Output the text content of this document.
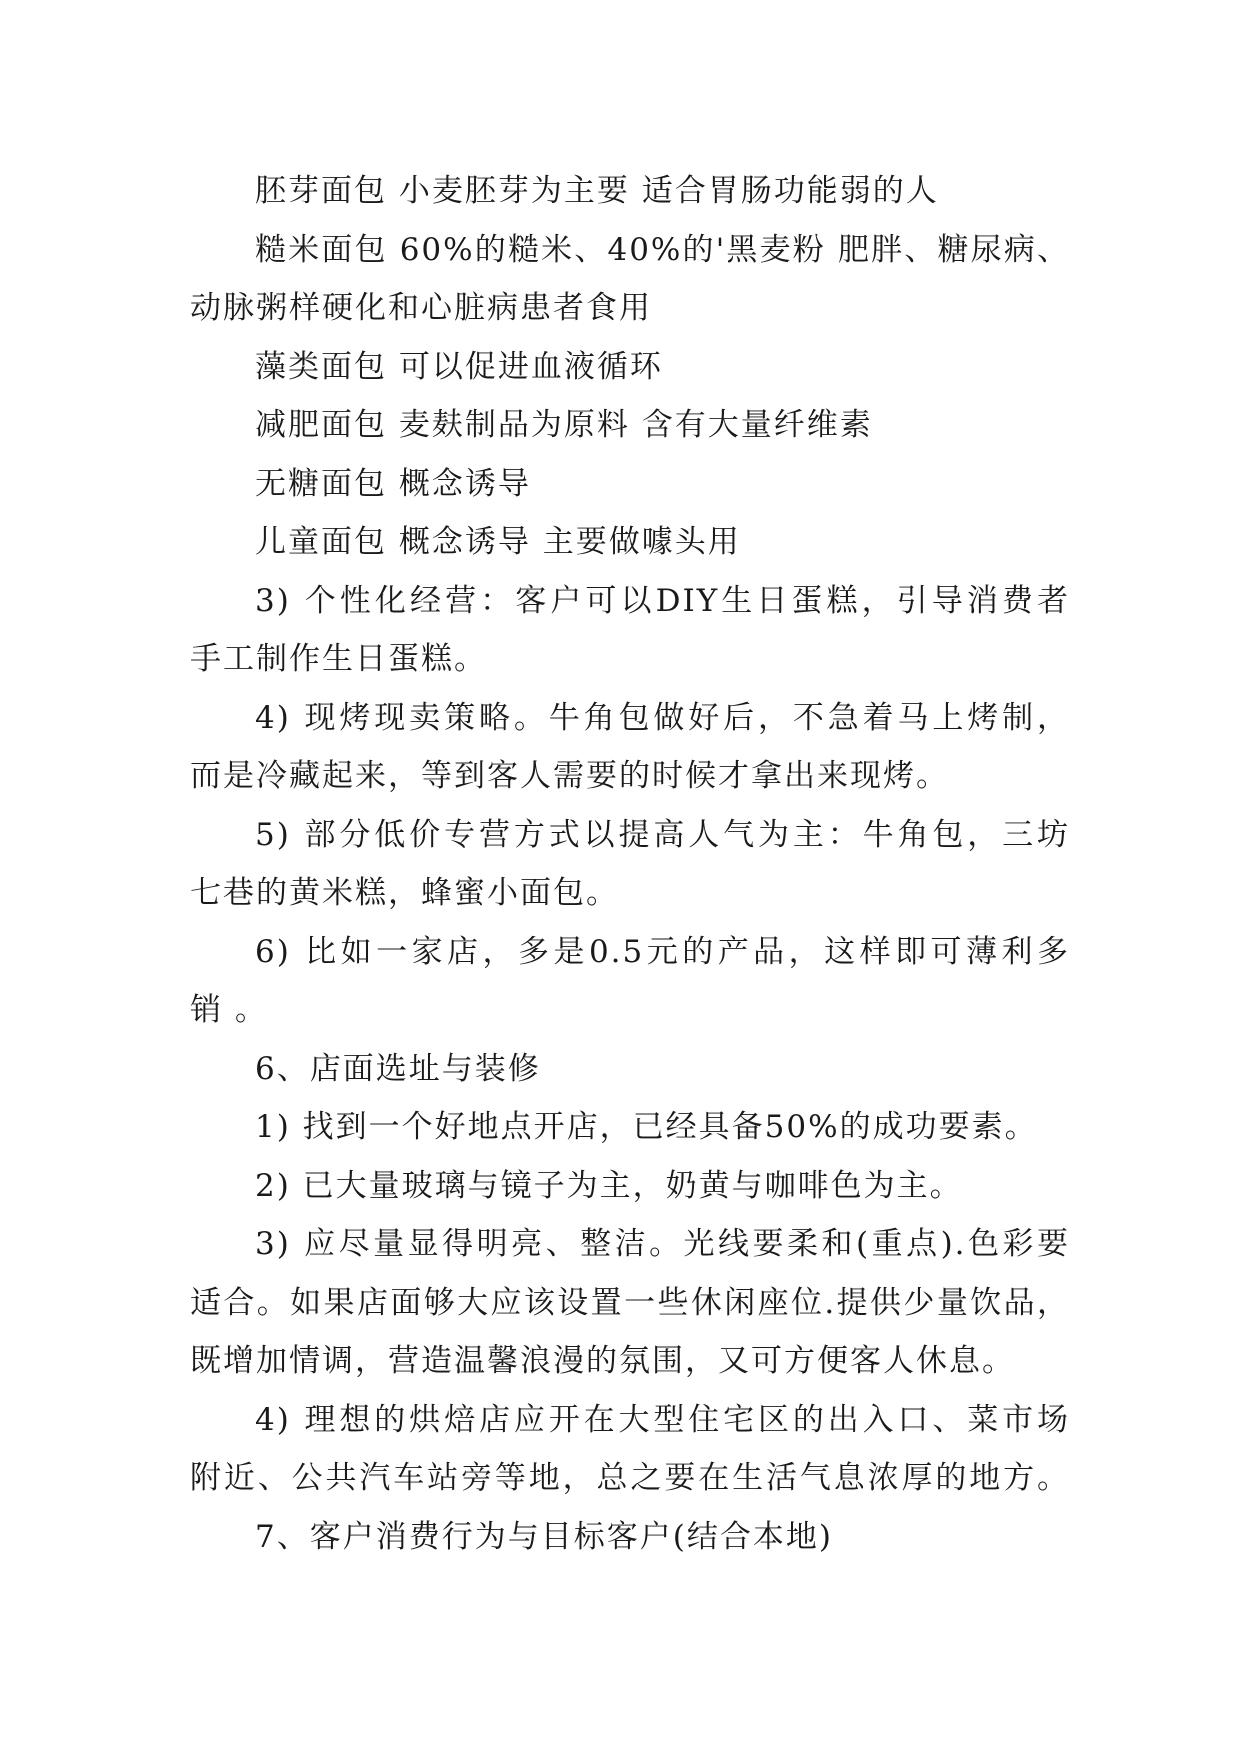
胚芽面包 小麦胚芽为主要 适合胃肠功能弱的人
糙米面包 60%的糙米、40%的'黑麦粉 肥胖、糖尿病、
动脉粥样硬化和心脏病患者食用
藻类面包 可以促进血液循环
减肥面包 麦麸制品为原料 含有大量纤维素
无糖面包 概念诱导
儿童面包 概念诱导 主要做噱头用
3) 个性化经营：客户可以DIY生日蛋糕，引导消费者
手工制作生日蛋糕。
4) 现烤现卖策略。牛角包做好后，不急着马上烤制，
而是冷藏起来，等到客人需要的时候才拿出来现烤。
5) 部分低价专营方式以提高人气为主：牛角包，三坊
七巷的黄米糕，蜂蜜小面包。
6) 比如一家店，多是0.5元的产品，这样即可薄利多
销 。
6、店面选址与装修
1) 找到一个好地点开店，已经具备50%的成功要素。
2) 已大量玻璃与镜子为主，奶黄与咖啡色为主。
3) 应尽量显得明亮、整洁。光线要柔和(重点).色彩要
适合。如果店面够大应该设置一些休闲座位.提供少量饮品，
既增加情调，营造温馨浪漫的氛围，又可方便客人休息。
4) 理想的烘焙店应开在大型住宅区的出入口、菜市场
附近、公共汽车站旁等地，总之要在生活气息浓厚的地方。
7、客户消费行为与目标客户(结合本地)
